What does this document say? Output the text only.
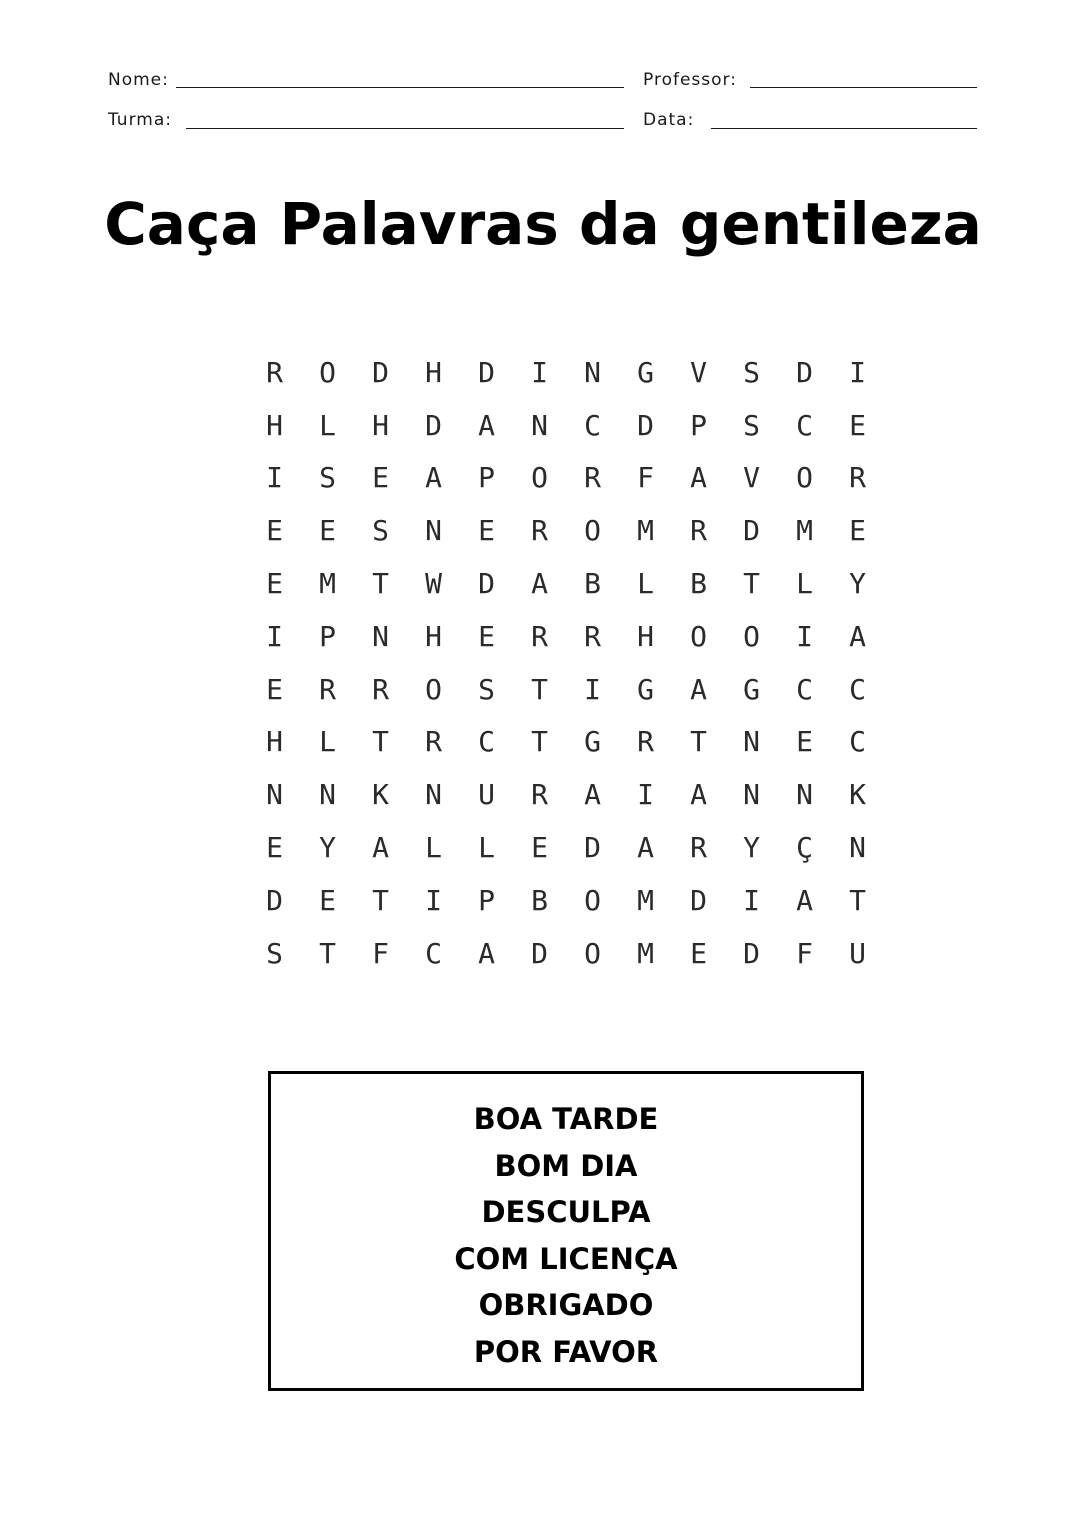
Nome:	Professor:
Turma:	Data:
Caça Palavras da gentileza
R	O	D	H	D	I	N	G	V	S	D	I
H	L	H	D	A	N	C	D	P	S	C	E
I	S	E	A	P	O	R	F	A	V	O	R
E	E	S	N	E	R	O	M	R	D	M	E
E	M	T	W	D	A	B	L	B	T	L	Y
I	P	N	H	E	R	R	H	O	O	I	A
E	R	R	O	S	T	I	G	A	G	C	C
H	L	T	R	C	T	G	R	T	N	E	C
N	N	K	N	U	R	A	I	A	N	N	K
E	Y	A	L	L	E	D	A	R	Y	Ç	N
D	E	T	I	P	B	O	M	D	I	A	T
S	T	F	C	A	D	O	M	E	D	F	U
BOA TARDE
BOM DIA
DESCULPA
COM LICENÇA
OBRIGADO
POR FAVOR
